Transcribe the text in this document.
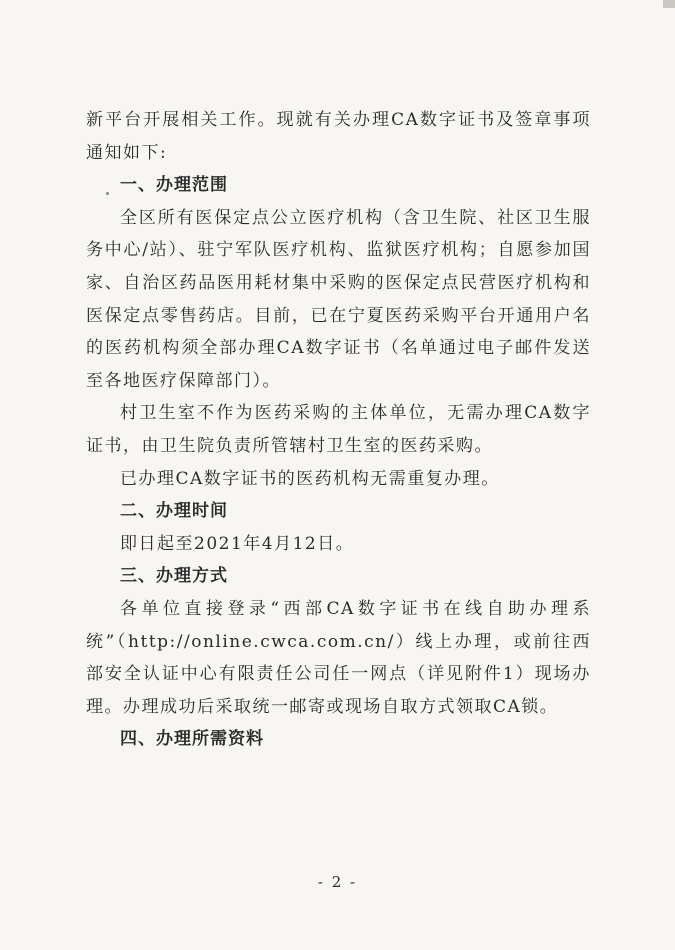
新平台开展相关工作。现就有关办理CA数字证书及签章事项通知如下:

一、办理范围

全区所有医保定点公立医疗机构（含卫生院、社区卫生服务中心/站）、驻宁军队医疗机构、监狱医疗机构；自愿参加国家、自治区药品医用耗材集中采购的医保定点民营医疗机构和医保定点零售药店。目前，已在宁夏医药采购平台开通用户名的医药机构须全部办理CA数字证书（名单通过电子邮件发送至各地医疗保障部门）。

村卫生室不作为医药采购的主体单位，无需办理CA数字证书，由卫生院负责所管辖村卫生室的医药采购。

已办理CA数字证书的医药机构无需重复办理。

二、办理时间

即日起至2021年4月12日。

三、办理方式

各单位直接登录“西部CA数字证书在线自助办理系统”（http://online.cwca.com.cn/）线上办理，或前往西部安全认证中心有限责任公司任一网点（详见附件1）现场办理。办理成功后采取统一邮寄或现场自取方式领取CA锁。

四、办理所需资料

- 2 -
